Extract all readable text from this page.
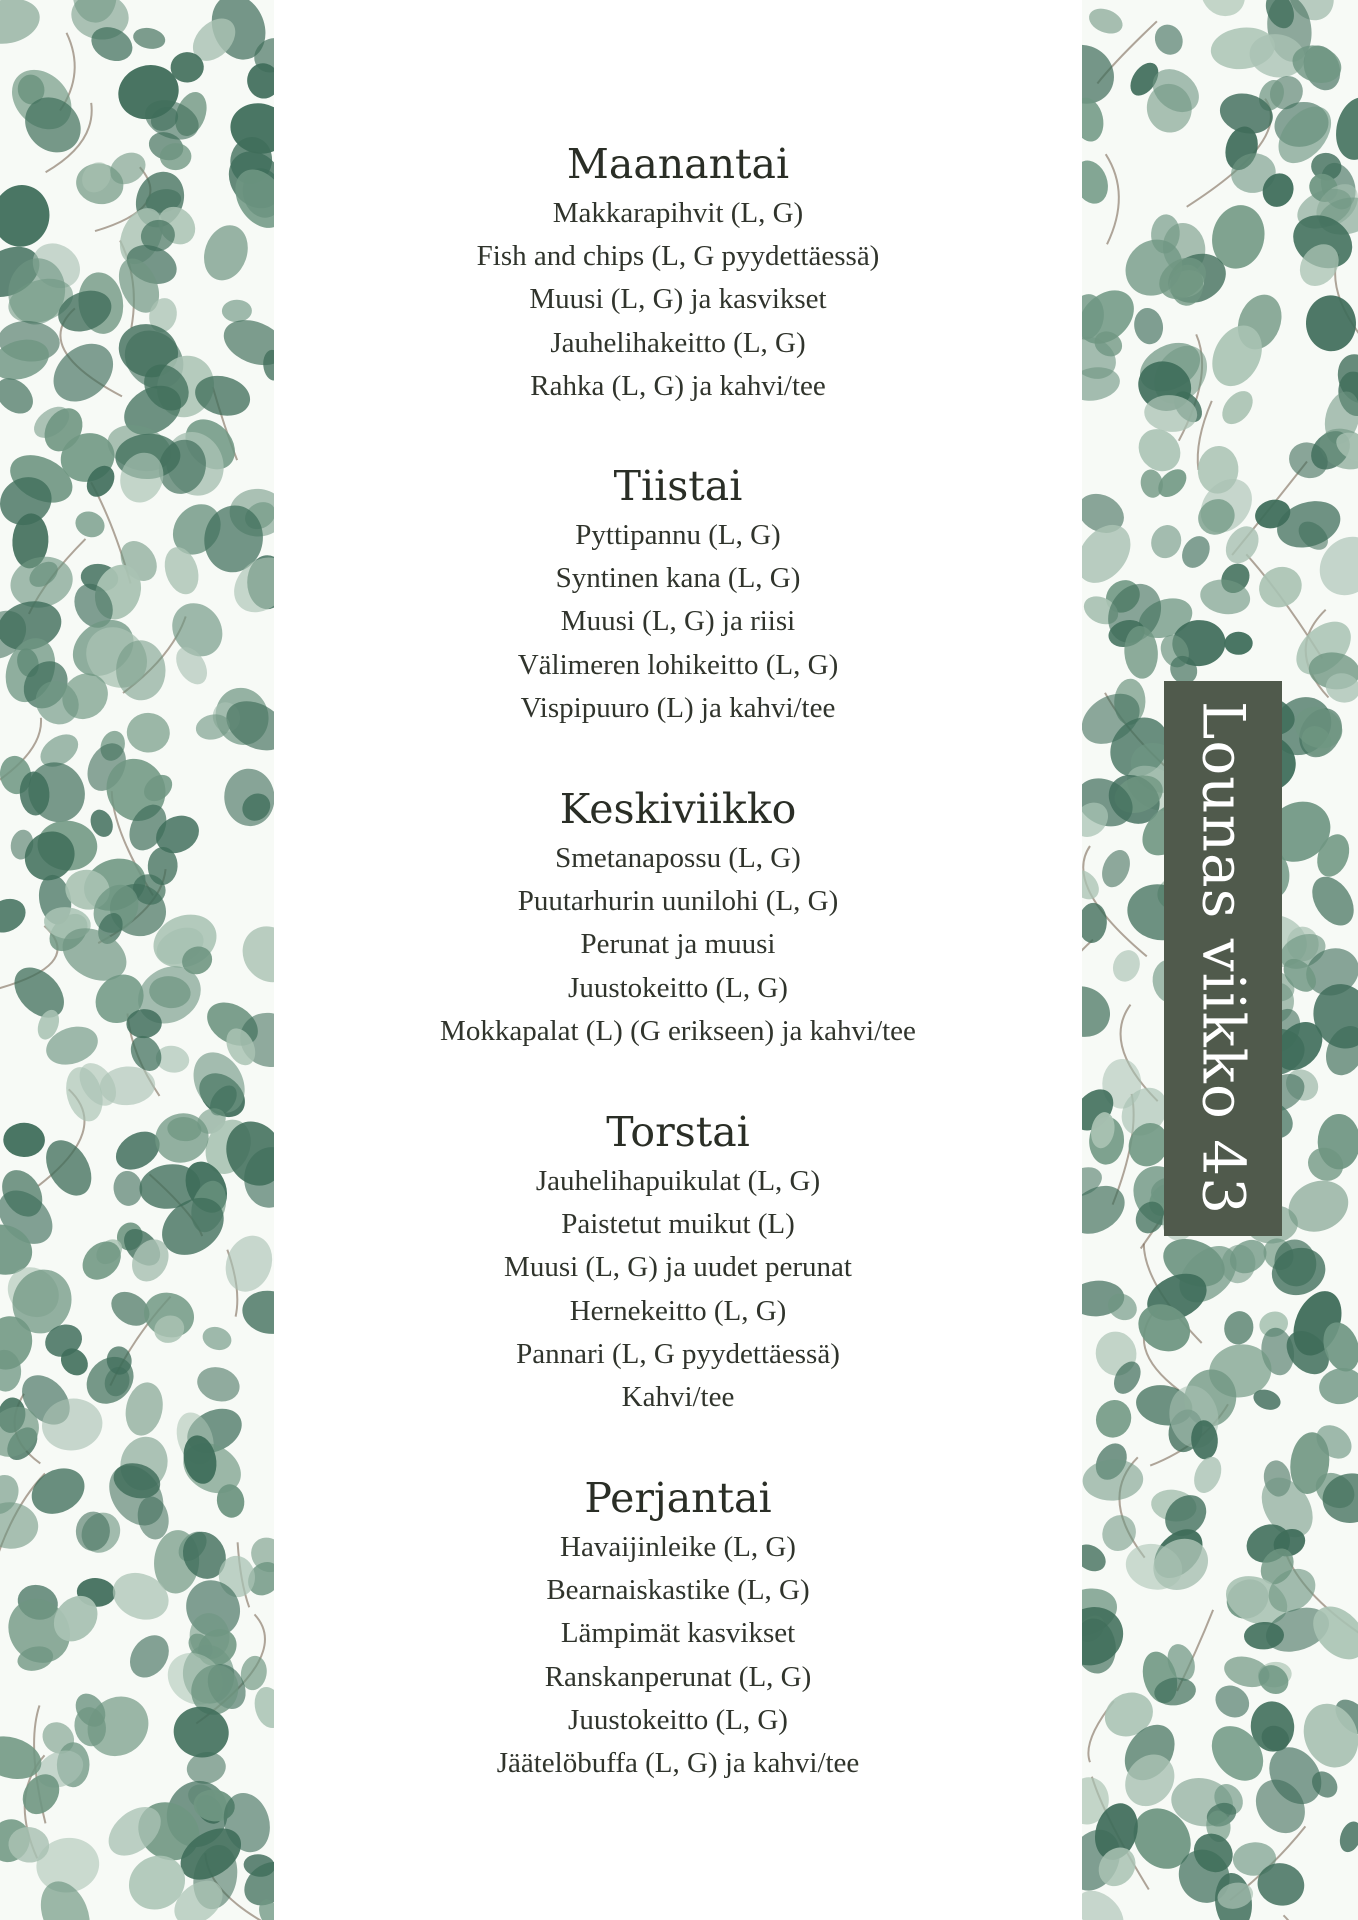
Maanantai
Makkarapihvit (L, G)
Fish and chips (L, G pyydettäessä)
Muusi (L, G) ja kasvikset
Jauhelihakeitto (L, G)
Rahka (L, G) ja kahvi/tee
Tiistai
Pyttipannu (L, G)
Syntinen kana (L, G)
Muusi (L, G) ja riisi
Välimeren lohikeitto (L, G)
Vispipuuro (L) ja kahvi/tee
Keskiviikko
Smetanapossu (L, G)
Puutarhurin uunilohi (L, G)
Perunat ja muusi
Juustokeitto (L, G)
Mokkapalat (L) (G erikseen) ja kahvi/tee
Torstai
Jauhelihapuikulat (L, G)
Paistetut muikut (L)
Muusi (L, G) ja uudet perunat
Hernekeitto (L, G)
Pannari (L, G pyydettäessä)
Kahvi/tee
Perjantai
Havaijinleike (L, G)
Bearnaiskastike (L, G)
Lämpimät kasvikset
Ranskanperunat (L, G)
Juustokeitto (L, G)
Jäätelöbuffa (L, G) ja kahvi/tee
Lounas viikko 43
